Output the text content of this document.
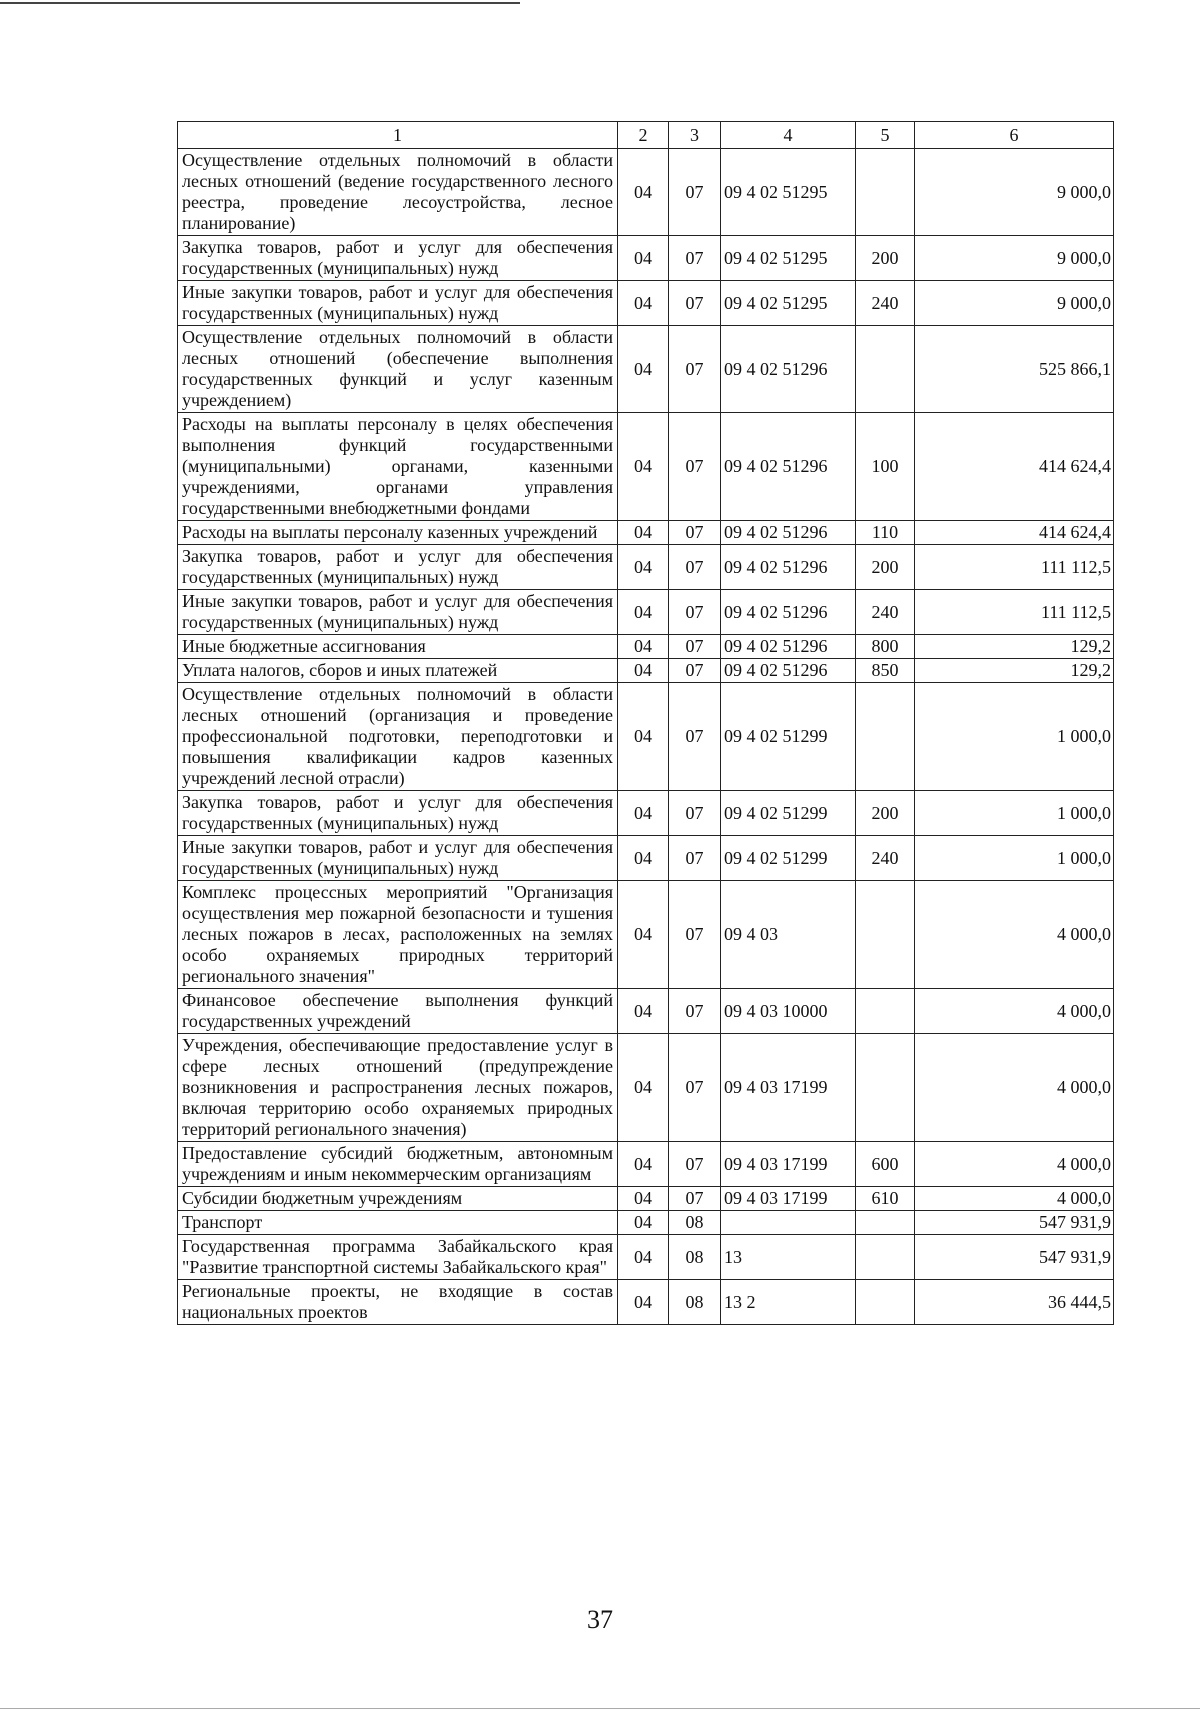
1	2	3	4	5	6
Осуществление отдельных полномочий в области лесных отношений (ведение государственного лесного реестра, проведение лесоустройства, лесное планирование)	04	07	09 4 02 51295		9 000,0
Закупка товаров, работ и услуг для обеспечения государственных (муниципальных) нужд	04	07	09 4 02 51295	200	9 000,0
Иные закупки товаров, работ и услуг для обеспечения государственных (муниципальных) нужд	04	07	09 4 02 51295	240	9 000,0
Осуществление отдельных полномочий в области лесных отношений (обеспечение выполнения государственных функций и услуг казенным учреждением)	04	07	09 4 02 51296		525 866,1
Расходы на выплаты персоналу в целях обеспечения выполнения функций государственными (муниципальными) органами, казенными учреждениями, органами управления государственными внебюджетными фондами	04	07	09 4 02 51296	100	414 624,4
Расходы на выплаты персоналу казенных учреждений	04	07	09 4 02 51296	110	414 624,4
Закупка товаров, работ и услуг для обеспечения государственных (муниципальных) нужд	04	07	09 4 02 51296	200	111 112,5
Иные закупки товаров, работ и услуг для обеспечения государственных (муниципальных) нужд	04	07	09 4 02 51296	240	111 112,5
Иные бюджетные ассигнования	04	07	09 4 02 51296	800	129,2
Уплата налогов, сборов и иных платежей	04	07	09 4 02 51296	850	129,2
Осуществление отдельных полномочий в области лесных отношений (организация и проведение профессиональной подготовки, переподготовки и повышения квалификации кадров казенных учреждений лесной отрасли)	04	07	09 4 02 51299		1 000,0
Закупка товаров, работ и услуг для обеспечения государственных (муниципальных) нужд	04	07	09 4 02 51299	200	1 000,0
Иные закупки товаров, работ и услуг для обеспечения государственных (муниципальных) нужд	04	07	09 4 02 51299	240	1 000,0
Комплекс процессных мероприятий "Организация осуществления мер пожарной безопасности и тушения лесных пожаров в лесах, расположенных на землях особо охраняемых природных территорий регионального значения"	04	07	09 4 03		4 000,0
Финансовое обеспечение выполнения функций государственных учреждений	04	07	09 4 03 10000		4 000,0
Учреждения, обеспечивающие предоставление услуг в сфере лесных отношений (предупреждение возникновения и распространения лесных пожаров, включая территорию особо охраняемых природных территорий регионального значения)	04	07	09 4 03 17199		4 000,0
Предоставление субсидий бюджетным, автономным учреждениям и иным некоммерческим организациям	04	07	09 4 03 17199	600	4 000,0
Субсидии бюджетным учреждениям	04	07	09 4 03 17199	610	4 000,0
Транспорт	04	08			547 931,9
Государственная программа Забайкальского края "Развитие транспортной системы Забайкальского края"	04	08	13		547 931,9
Региональные проекты, не входящие в состав национальных проектов	04	08	13 2		36 444,5
37
